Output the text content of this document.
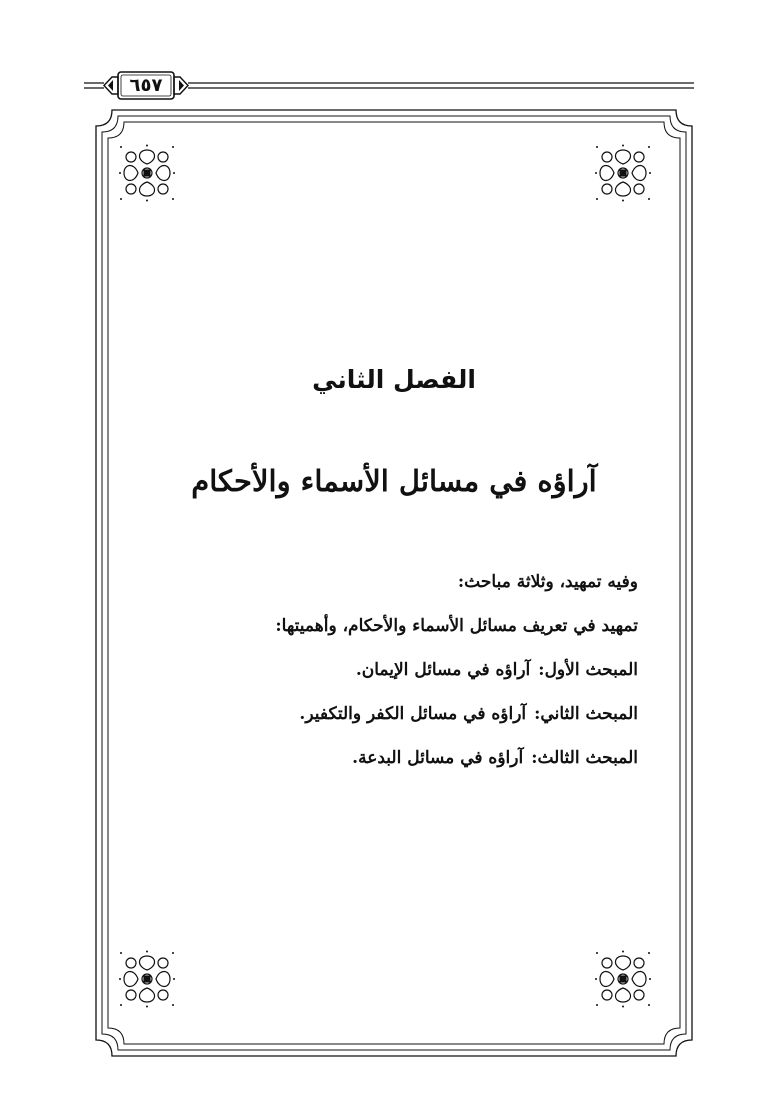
٦٥٧
الفصل الثاني
آراؤه في مسائل الأسماء والأحكام
وفيه تمهيد، وثلاثة مباحث:
تمهيد في تعريف مسائل الأسماء والأحكام، وأهميتها:
المبحث الأول:آراؤه في مسائل الإيمان.
المبحث الثاني:آراؤه في مسائل الكفر والتكفير.
المبحث الثالث:آراؤه في مسائل البدعة.
